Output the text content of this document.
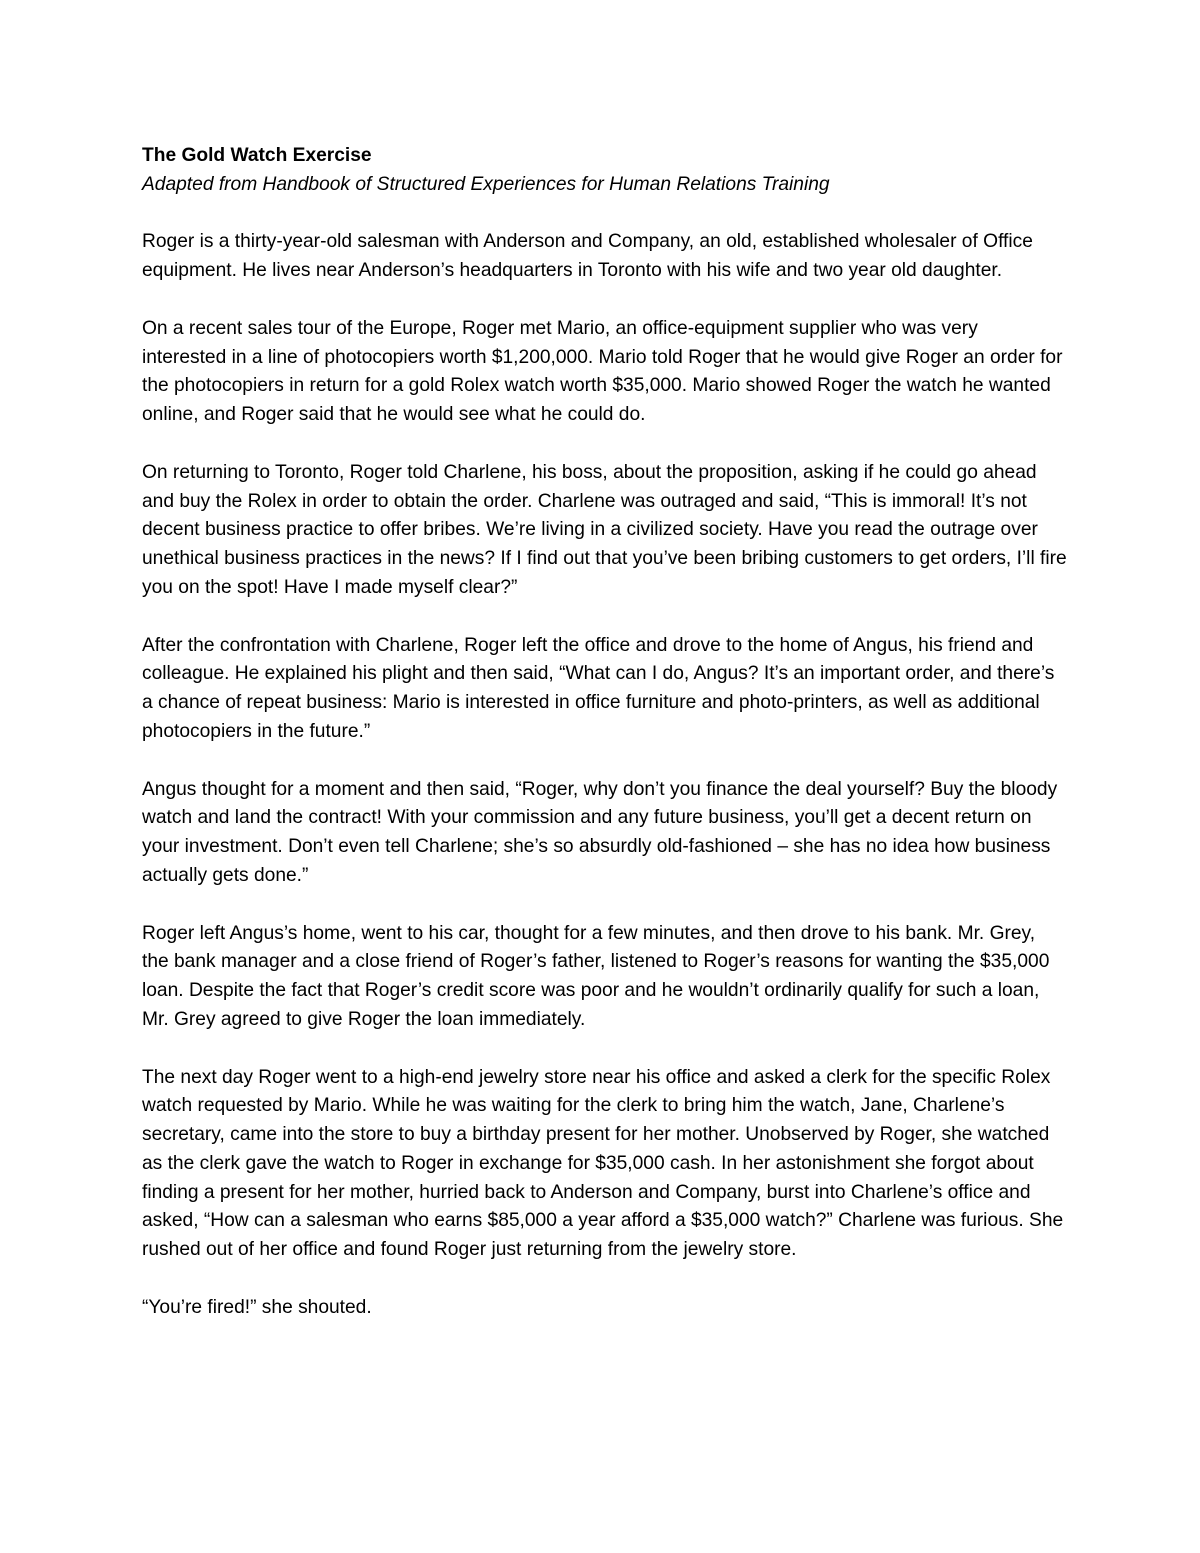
The Gold Watch Exercise

Adapted from Handbook of Structured Experiences for Human Relations Training

Roger is a thirty-year-old salesman with Anderson and Company, an old, established wholesaler of Office equipment. He lives near Anderson’s headquarters in Toronto with his wife and two year old daughter.

On a recent sales tour of the Europe, Roger met Mario, an office-equipment supplier who was very interested in a line of photocopiers worth $1,200,000. Mario told Roger that he would give Roger an order for the photocopiers in return for a gold Rolex watch worth $35,000. Mario showed Roger the watch he wanted online, and Roger said that he would see what he could do.

On returning to Toronto, Roger told Charlene, his boss, about the proposition, asking if he could go ahead and buy the Rolex in order to obtain the order. Charlene was outraged and said, “This is immoral! It’s not decent business practice to offer bribes. We’re living in a civilized society. Have you read the outrage over unethical business practices in the news? If I find out that you’ve been bribing customers to get orders, I’ll fire you on the spot! Have I made myself clear?”

After the confrontation with Charlene, Roger left the office and drove to the home of Angus, his friend and colleague. He explained his plight and then said, “What can I do, Angus? It’s an important order, and there’s a chance of repeat business: Mario is interested in office furniture and photo-printers, as well as additional photocopiers in the future.”

Angus thought for a moment and then said, “Roger, why don’t you finance the deal yourself? Buy the bloody watch and land the contract! With your commission and any future business, you’ll get a decent return on your investment. Don’t even tell Charlene; she’s so absurdly old-fashioned – she has no idea how business actually gets done.”

Roger left Angus’s home, went to his car, thought for a few minutes, and then drove to his bank. Mr. Grey, the bank manager and a close friend of Roger’s father, listened to Roger’s reasons for wanting the $35,000 loan. Despite the fact that Roger’s credit score was poor and he wouldn’t ordinarily qualify for such a loan, Mr. Grey agreed to give Roger the loan immediately.

The next day Roger went to a high-end jewelry store near his office and asked a clerk for the specific Rolex watch requested by Mario. While he was waiting for the clerk to bring him the watch, Jane, Charlene’s secretary, came into the store to buy a birthday present for her mother. Unobserved by Roger, she watched as the clerk gave the watch to Roger in exchange for $35,000 cash. In her astonishment she forgot about finding a present for her mother, hurried back to Anderson and Company, burst into Charlene’s office and asked, “How can a salesman who earns $85,000 a year afford a $35,000 watch?” Charlene was furious. She rushed out of her office and found Roger just returning from the jewelry store.

“You’re fired!” she shouted.
